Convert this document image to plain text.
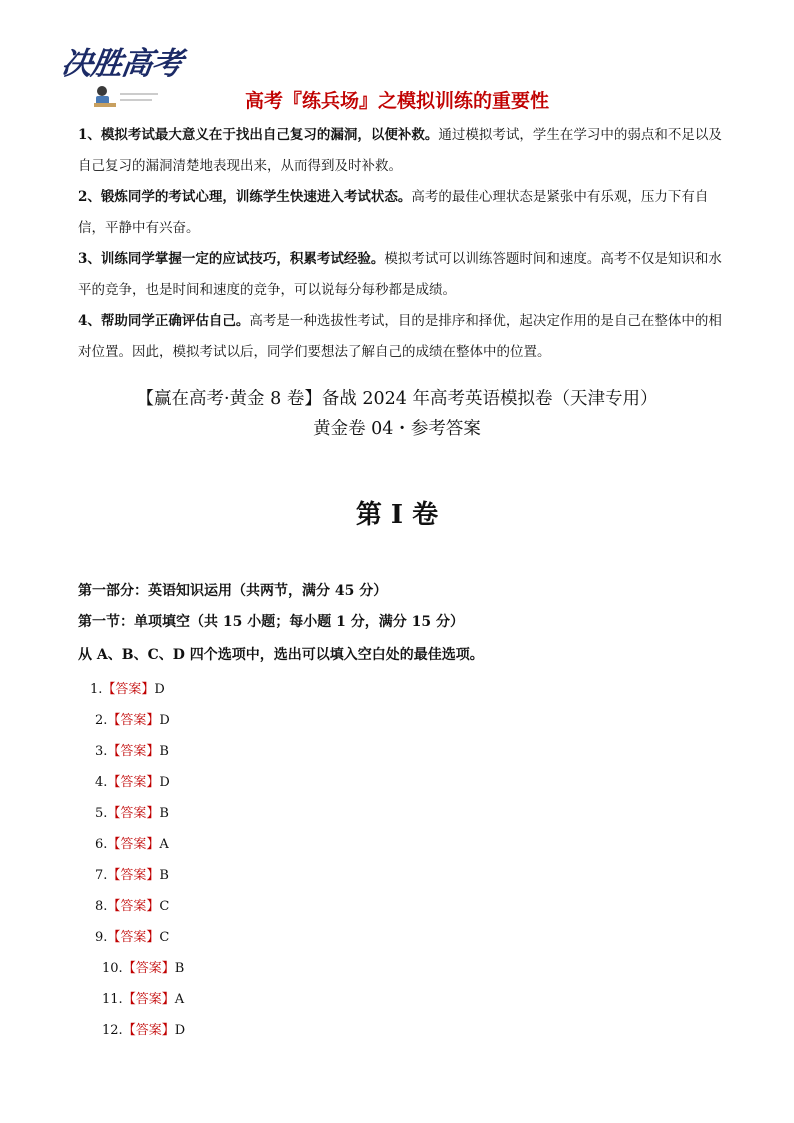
决胜高考
高考『练兵场』之模拟训练的重要性

1、模拟考试最大意义在于找出自己复习的漏洞，以便补救。通过模拟考试，学生在学习中的弱点和不足以及自己复习的漏洞清楚地表现出来，从而得到及时补救。

2、锻炼同学的考试心理，训练学生快速进入考试状态。高考的最佳心理状态是紧张中有乐观，压力下有自信，平静中有兴奋。

3、训练同学掌握一定的应试技巧，积累考试经验。模拟考试可以训练答题时间和速度。高考不仅是知识和水平的竞争，也是时间和速度的竞争，可以说每分每秒都是成绩。

4、帮助同学正确评估自己。高考是一种选拔性考试，目的是排序和择优，起决定作用的是自己在整体中的相对位置。因此，模拟考试以后，同学们要想法了解自己的成绩在整体中的位置。

【赢在高考·黄金 8 卷】备战 2024 年高考英语模拟卷（天津专用）
黄金卷 04・参考答案
第 I 卷
第一部分：英语知识运用（共两节，满分 45 分）
第一节：单项填空（共 15 小题；每小题 1 分，满分 15 分）
从 A、B、C、D 四个选项中，选出可以填入空白处的最佳选项。
1.【答案】D
2.【答案】D
3.【答案】B
4.【答案】D
5.【答案】B
6.【答案】A
7.【答案】B
8.【答案】C
9.【答案】C
10.【答案】B
11.【答案】A
12.【答案】D
